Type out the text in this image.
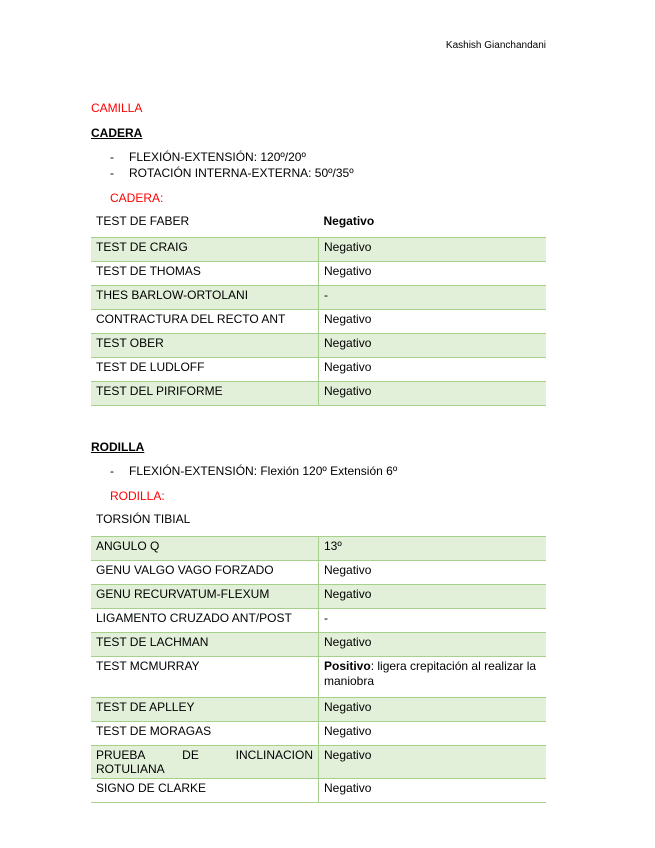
Kashish Gianchandani
CAMILLA
CADERA
- FLEXIÓN-EXTENSIÓN: 120º/20º
- ROTACIÓN INTERNA-EXTERNA: 50º/35º
CADERA:
TEST DE FABER	Negativo
TEST DE CRAIG	Negativo
TEST DE THOMAS	Negativo
THES BARLOW-ORTOLANI	-
CONTRACTURA DEL RECTO ANT	Negativo
TEST OBER	Negativo
TEST DE LUDLOFF	Negativo
TEST DEL PIRIFORME	Negativo
RODILLA
- FLEXIÓN-EXTENSIÓN: Flexión 120º Extensión 6º
RODILLA:
TORSIÓN TIBIAL	
ANGULO Q	13º
GENU VALGO VAGO FORZADO	Negativo
GENU RECURVATUM-FLEXUM	Negativo
LIGAMENTO CRUZADO ANT/POST	-
TEST DE LACHMAN	Negativo
TEST MCMURRAY	Positivo: ligera crepitación al realizar la maniobra
TEST DE APLLEY	Negativo
TEST DE MORAGAS	Negativo

PRUEBA DE INCLINACION
ROTULIANA	Negativo
SIGNO DE CLARKE	Negativo
